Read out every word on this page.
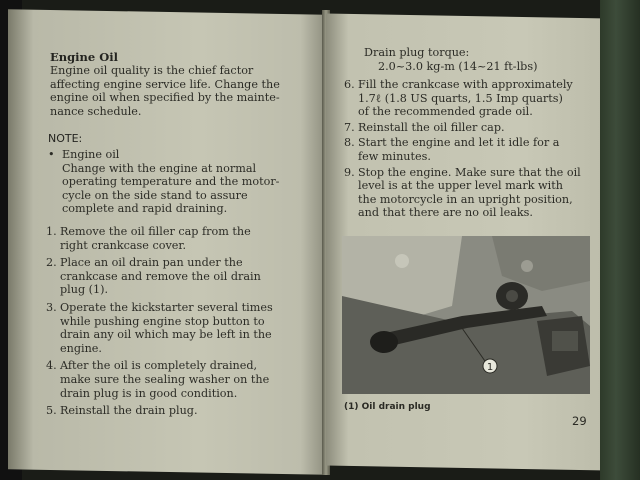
Engine Oil
Engine oil quality is the chief factor
affecting engine service life. Change the
engine oil when specified by the mainte-
nance schedule.
NOTE:
• Engine oil
Change with the engine at normal
operating temperature and the motor-
cycle on the side stand to assure
complete and rapid draining.
1. Remove the oil filler cap from the
right crankcase cover.
2. Place an oil drain pan under the
crankcase and remove the oil drain
plug (1).
3. Operate the kickstarter several times
while pushing engine stop button to
drain any oil which may be left in the
engine.
4. After the oil is completely drained,
make sure the sealing washer on the
drain plug is in good condition.
5. Reinstall the drain plug.
Drain plug torque:
2.0~3.0 kg-m (14~21 ft-lbs)
6. Fill the crankcase with approximately
1.7ℓ (1.8 US quarts, 1.5 Imp quarts)
of the recommended grade oil.
7. Reinstall the oil filler cap.
8. Start the engine and let it idle for a
few minutes.
9. Stop the engine. Make sure that the oil
level is at the upper level mark with
the motorcycle in an upright position,
and that there are no oil leaks.
1
(1) Oil drain plug
29
